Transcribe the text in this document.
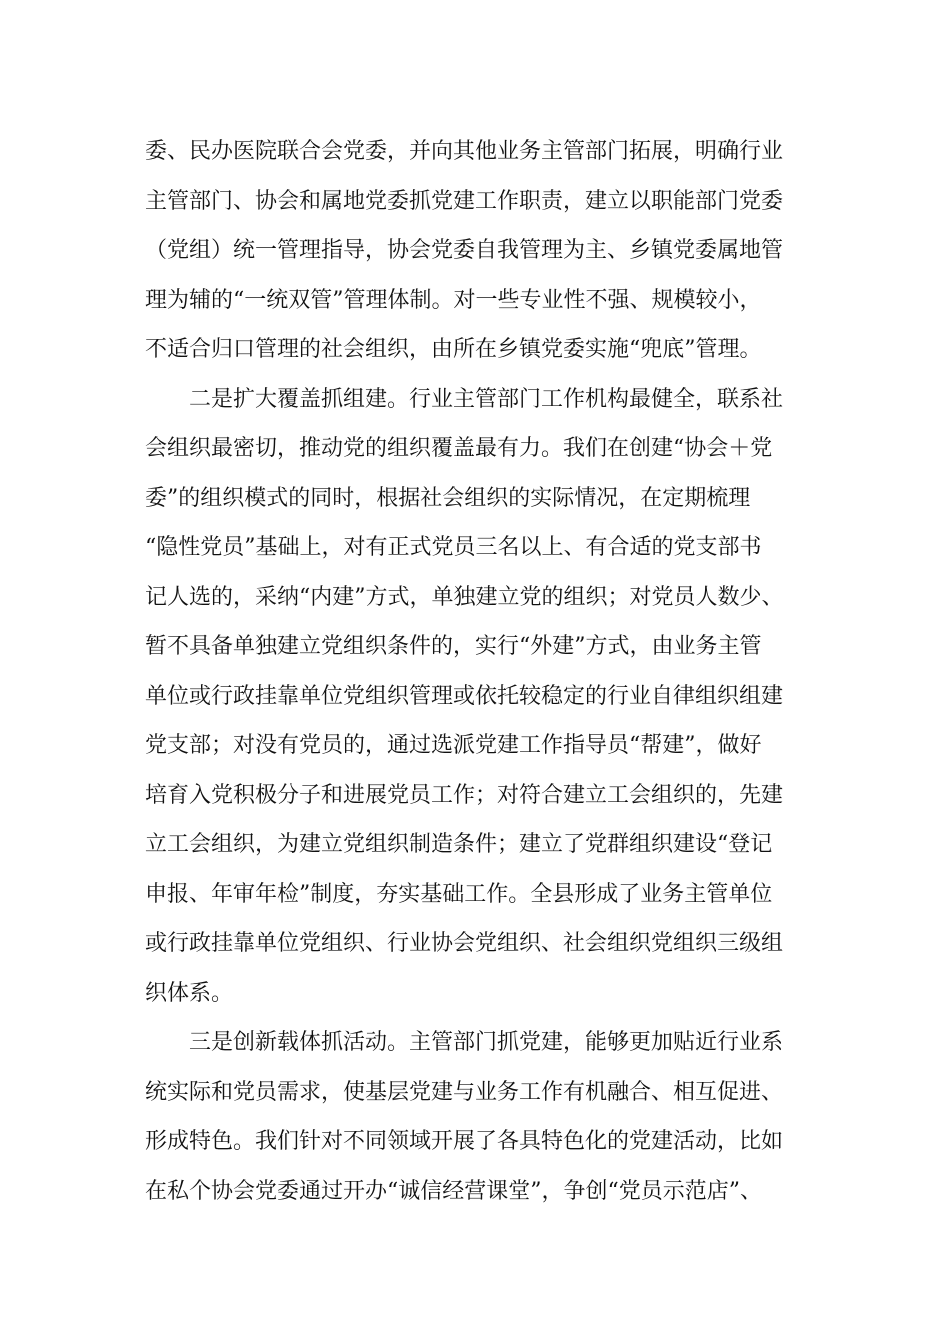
委、民办医院联合会党委，并向其他业务主管部门拓展，明确行业
主管部门、协会和属地党委抓党建工作职责，建立以职能部门党委
（党组）统一管理指导，协会党委自我管理为主、乡镇党委属地管
理为辅的“一统双管”管理体制。对一些专业性不强、规模较小，
不适合归口管理的社会组织，由所在乡镇党委实施“兜底”管理。
二是扩大覆盖抓组建。行业主管部门工作机构最健全，联系社
会组织最密切，推动党的组织覆盖最有力。我们在创建“协会＋党
委”的组织模式的同时，根据社会组织的实际情况，在定期梳理
“隐性党员”基础上，对有正式党员三名以上、有合适的党支部书
记人选的，采纳“内建”方式，单独建立党的组织；对党员人数少、
暂不具备单独建立党组织条件的，实行“外建”方式，由业务主管
单位或行政挂靠单位党组织管理或依托较稳定的行业自律组织组建
党支部；对没有党员的，通过选派党建工作指导员“帮建”，做好
培育入党积极分子和进展党员工作；对符合建立工会组织的，先建
立工会组织，为建立党组织制造条件；建立了党群组织建设“登记
申报、年审年检”制度，夯实基础工作。全县形成了业务主管单位
或行政挂靠单位党组织、行业协会党组织、社会组织党组织三级组
织体系。
三是创新载体抓活动。主管部门抓党建，能够更加贴近行业系
统实际和党员需求，使基层党建与业务工作有机融合、相互促进、
形成特色。我们针对不同领域开展了各具特色化的党建活动，比如
在私个协会党委通过开办“诚信经营课堂”，争创“党员示范店”、
